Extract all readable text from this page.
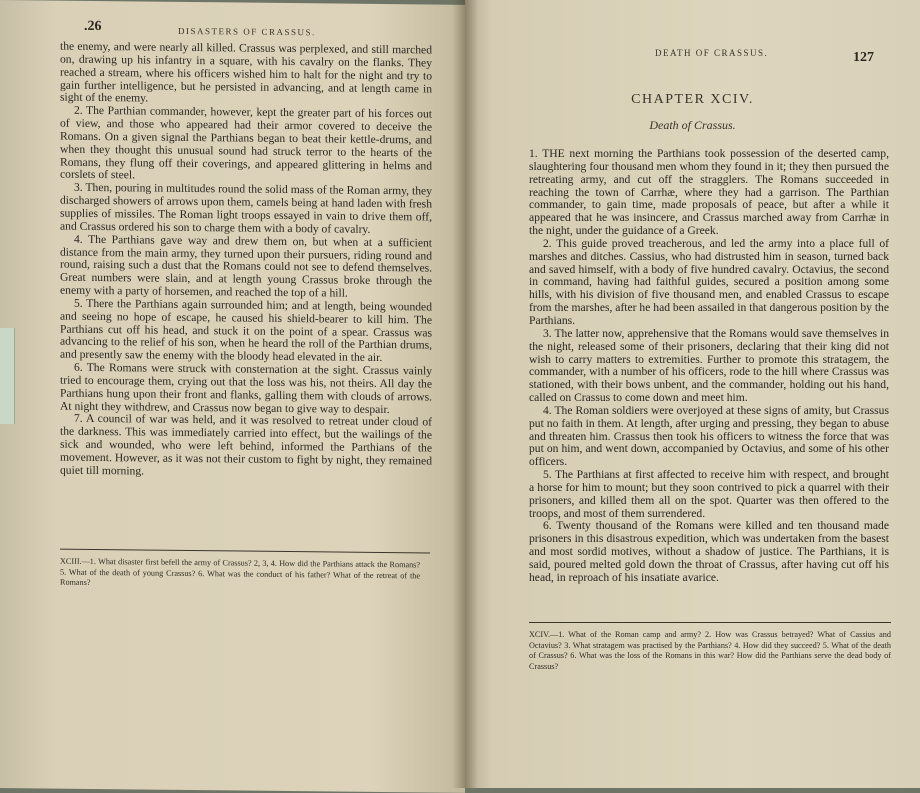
.26	DISASTERS OF CRASSUS.

the enemy, and were nearly all killed. Crassus was perplexed, and still marched on, drawing up his infantry in a square, with his cavalry on the flanks. They reached a stream, where his officers wished him to halt for the night and try to gain further intelligence, but he persisted in advancing, and at length came in sight of the enemy.

2. The Parthian commander, however, kept the greater part of his forces out of view, and those who appeared had their armor covered to deceive the Romans. On a given signal the Parthians began to beat their kettle-drums, and when they thought this unusual sound had struck terror to the hearts of the Romans, they flung off their coverings, and appeared glittering in helms and corslets of steel.

3. Then, pouring in multitudes round the solid mass of the Roman army, they discharged showers of arrows upon them, camels being at hand laden with fresh supplies of missiles. The Roman light troops essayed in vain to drive them off, and Crassus ordered his son to charge them with a body of cavalry.

4. The Parthians gave way and drew them on, but when at a sufficient distance from the main army, they turned upon their pursuers, riding round and round, raising such a dust that the Romans could not see to defend themselves. Great numbers were slain, and at length young Crassus broke through the enemy with a party of horsemen, and reached the top of a hill.

5. There the Parthians again surrounded him; and at length, being wounded and seeing no hope of escape, he caused his shield-bearer to kill him. The Parthians cut off his head, and stuck it on the point of a spear. Crassus was advancing to the relief of his son, when he heard the roll of the Parthian drums, and presently saw the enemy with the bloody head elevated in the air.

6. The Romans were struck with consternation at the sight. Crassus vainly tried to encourage them, crying out that the loss was his, not theirs. All day the Parthians hung upon their front and flanks, galling them with clouds of arrows. At night they withdrew, and Crassus now began to give way to despair.

7. A council of war was held, and it was resolved to retreat under cloud of the darkness. This was immediately carried into effect, but the wailings of the sick and wounded, who were left behind, informed the Parthians of the movement. However, as it was not their custom to fight by night, they remained quiet till morning.

XCIII.—1. What disaster first befell the army of Crassus? 2, 3, 4. How did the Parthians attack the Romans? 5. What of the death of young Crassus? 6. What was the conduct of his father? What of the retreat of the Romans?
DEATH OF CRASSUS.	127
CHAPTER XCIV.
Death of Crassus.

1. THE next morning the Parthians took possession of the deserted camp, slaughtering four thousand men whom they found in it; they then pursued the retreating army, and cut off the stragglers. The Romans succeeded in reaching the town of Carrhæ, where they had a garrison. The Parthian commander, to gain time, made proposals of peace, but after a while it appeared that he was insincere, and Crassus marched away from Carrhæ in the night, under the guidance of a Greek.

2. This guide proved treacherous, and led the army into a place full of marshes and ditches. Cassius, who had distrusted him in season, turned back and saved himself, with a body of five hundred cavalry. Octavius, the second in command, having had faithful guides, secured a position among some hills, with his division of five thousand men, and enabled Crassus to escape from the marshes, after he had been assailed in that dangerous position by the Parthians.

3. The latter now, apprehensive that the Romans would save themselves in the night, released some of their prisoners, declaring that their king did not wish to carry matters to extremities. Further to promote this stratagem, the commander, with a number of his officers, rode to the hill where Crassus was stationed, with their bows unbent, and the commander, holding out his hand, called on Crassus to come down and meet him.

4. The Roman soldiers were overjoyed at these signs of amity, but Crassus put no faith in them. At length, after urging and pressing, they began to abuse and threaten him. Crassus then took his officers to witness the force that was put on him, and went down, accompanied by Octavius, and some of his other officers.

5. The Parthians at first affected to receive him with respect, and brought a horse for him to mount; but they soon contrived to pick a quarrel with their prisoners, and killed them all on the spot. Quarter was then offered to the troops, and most of them surrendered.

6. Twenty thousand of the Romans were killed and ten thousand made prisoners in this disastrous expedition, which was undertaken from the basest and most sordid motives, without a shadow of justice. The Parthians, it is said, poured melted gold down the throat of Crassus, after having cut off his head, in reproach of his insatiate avarice.

XCIV.—1. What of the Roman camp and army? 2. How was Crassus betrayed? What of Cassius and Octavius? 3. What stratagem was practised by the Parthians? 4. How did they succeed? 5. What of the death of Crassus? 6. What was the loss of the Romans in this war? How did the Parthians serve the dead body of Crassus?
